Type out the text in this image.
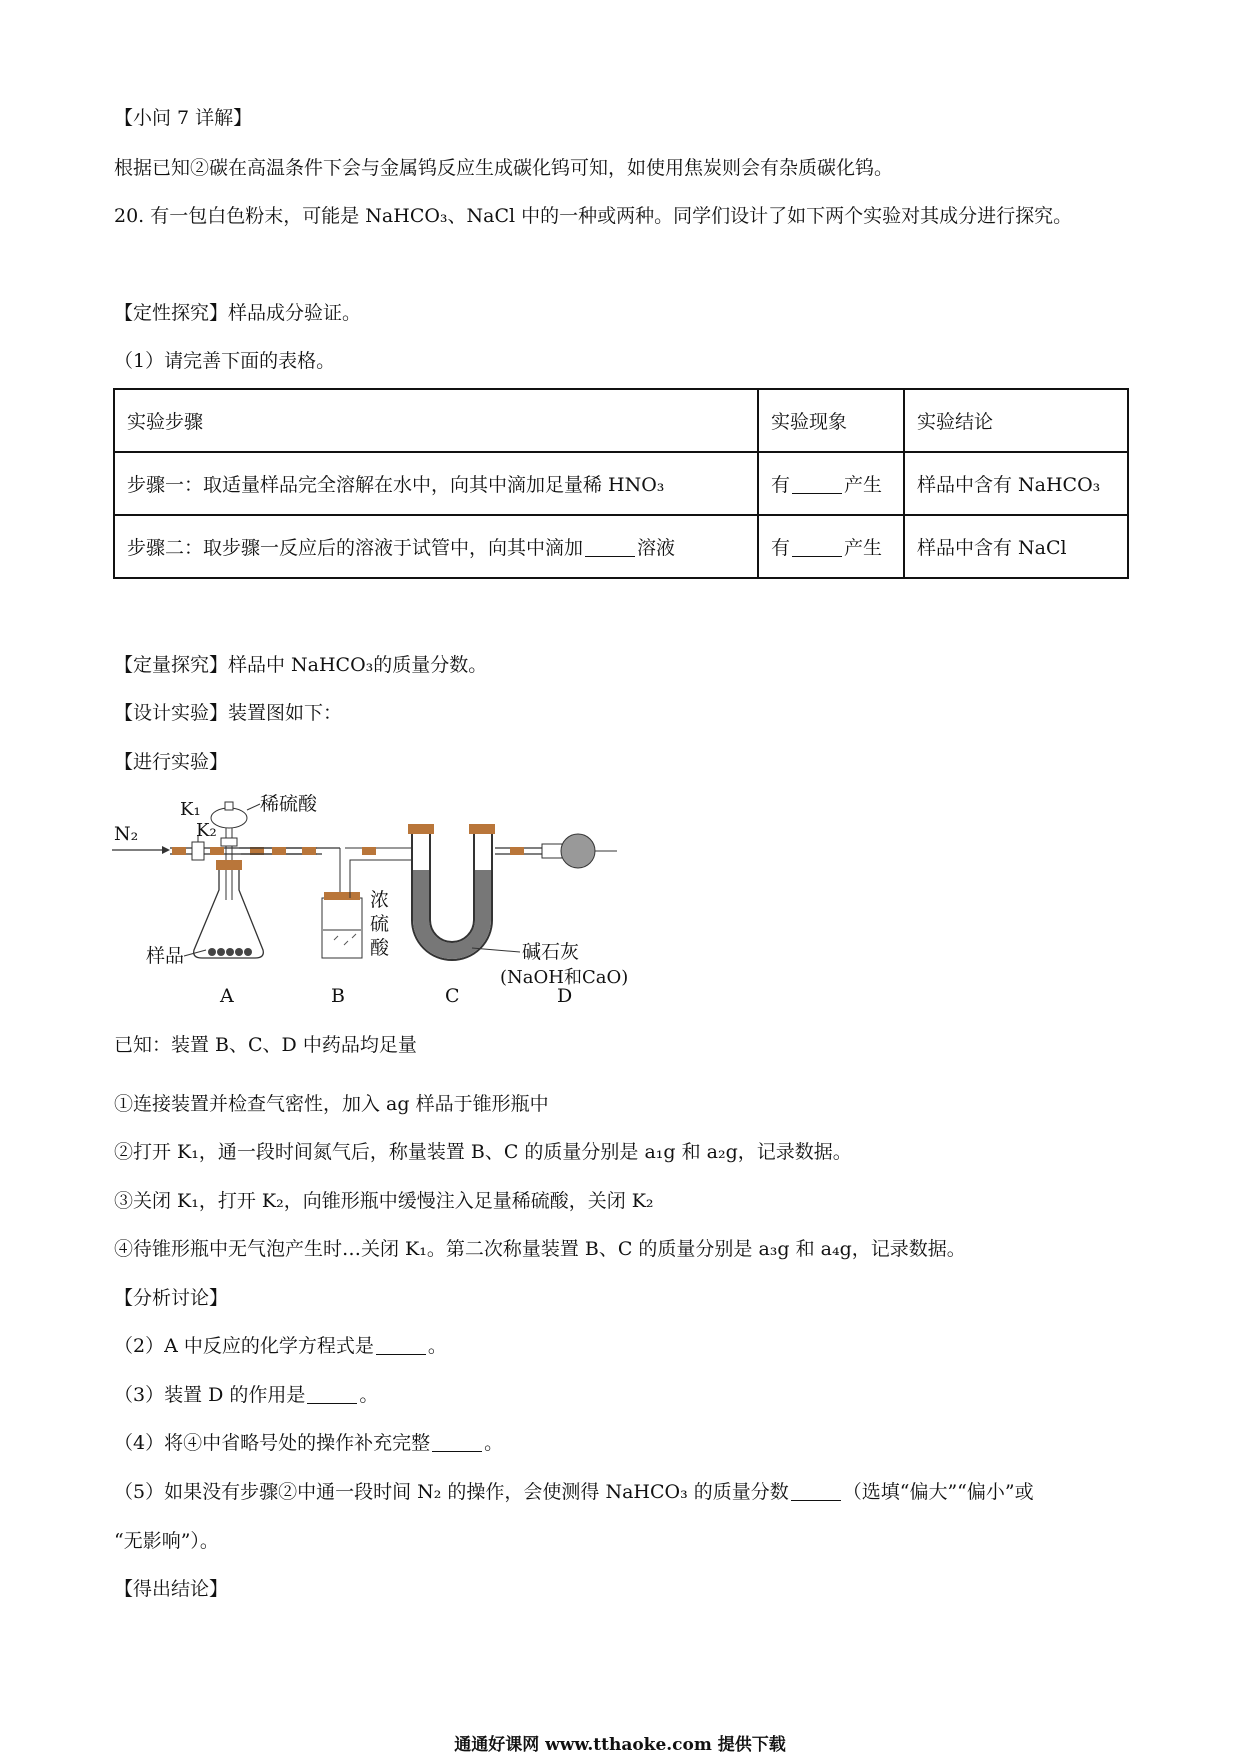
【小问 7 详解】
根据已知②碳在高温条件下会与金属钨反应生成碳化钨可知，如使用焦炭则会有杂质碳化钨。
20. 有一包白色粉末，可能是 NaHCO₃、NaCl 中的一种或两种。同学们设计了如下两个实验对其成分进行探究。
【定性探究】样品成分验证。
（1）请完善下面的表格。
实验步骤	实验现象	实验结论
步骤一：取适量样品完全溶解在水中，向其中滴加足量稀 HNO₃	有 产生	样品中含有 NaHCO₃
步骤二：取步骤一反应后的溶液于试管中，向其中滴加 溶液	有 产生	样品中含有 NaCl
【定量探究】样品中 NaHCO₃的质量分数。
【设计实验】装置图如下：
【进行实验】
N₂
K₁
K₂
稀硫酸
样品
浓
硫
酸	碱石灰
(NaOH和CaO)
A	B	C	D
已知：装置 B、C、D 中药品均足量
①连接装置并检查气密性，加入 ag 样品于锥形瓶中
②打开 K₁，通一段时间氮气后，称量装置 B、C 的质量分别是 a₁g 和 a₂g，记录数据。
③关闭 K₁，打开 K₂，向锥形瓶中缓慢注入足量稀硫酸，关闭 K₂
④待锥形瓶中无气泡产生时…关闭 K₁。第二次称量装置 B、C 的质量分别是 a₃g 和 a₄g，记录数据。
【分析讨论】
（2）A 中反应的化学方程式是	。
（3）装置 D 的作用是	。
（4）将④中省略号处的操作补充完整	。
（5）如果没有步骤②中通一段时间 N₂ 的操作，会使测得 NaHCO₃ 的质量分数	（选填“偏大”“偏小”或
“无影响”）。
【得出结论】
通通好课网 www.tthaoke.com 提供下载
